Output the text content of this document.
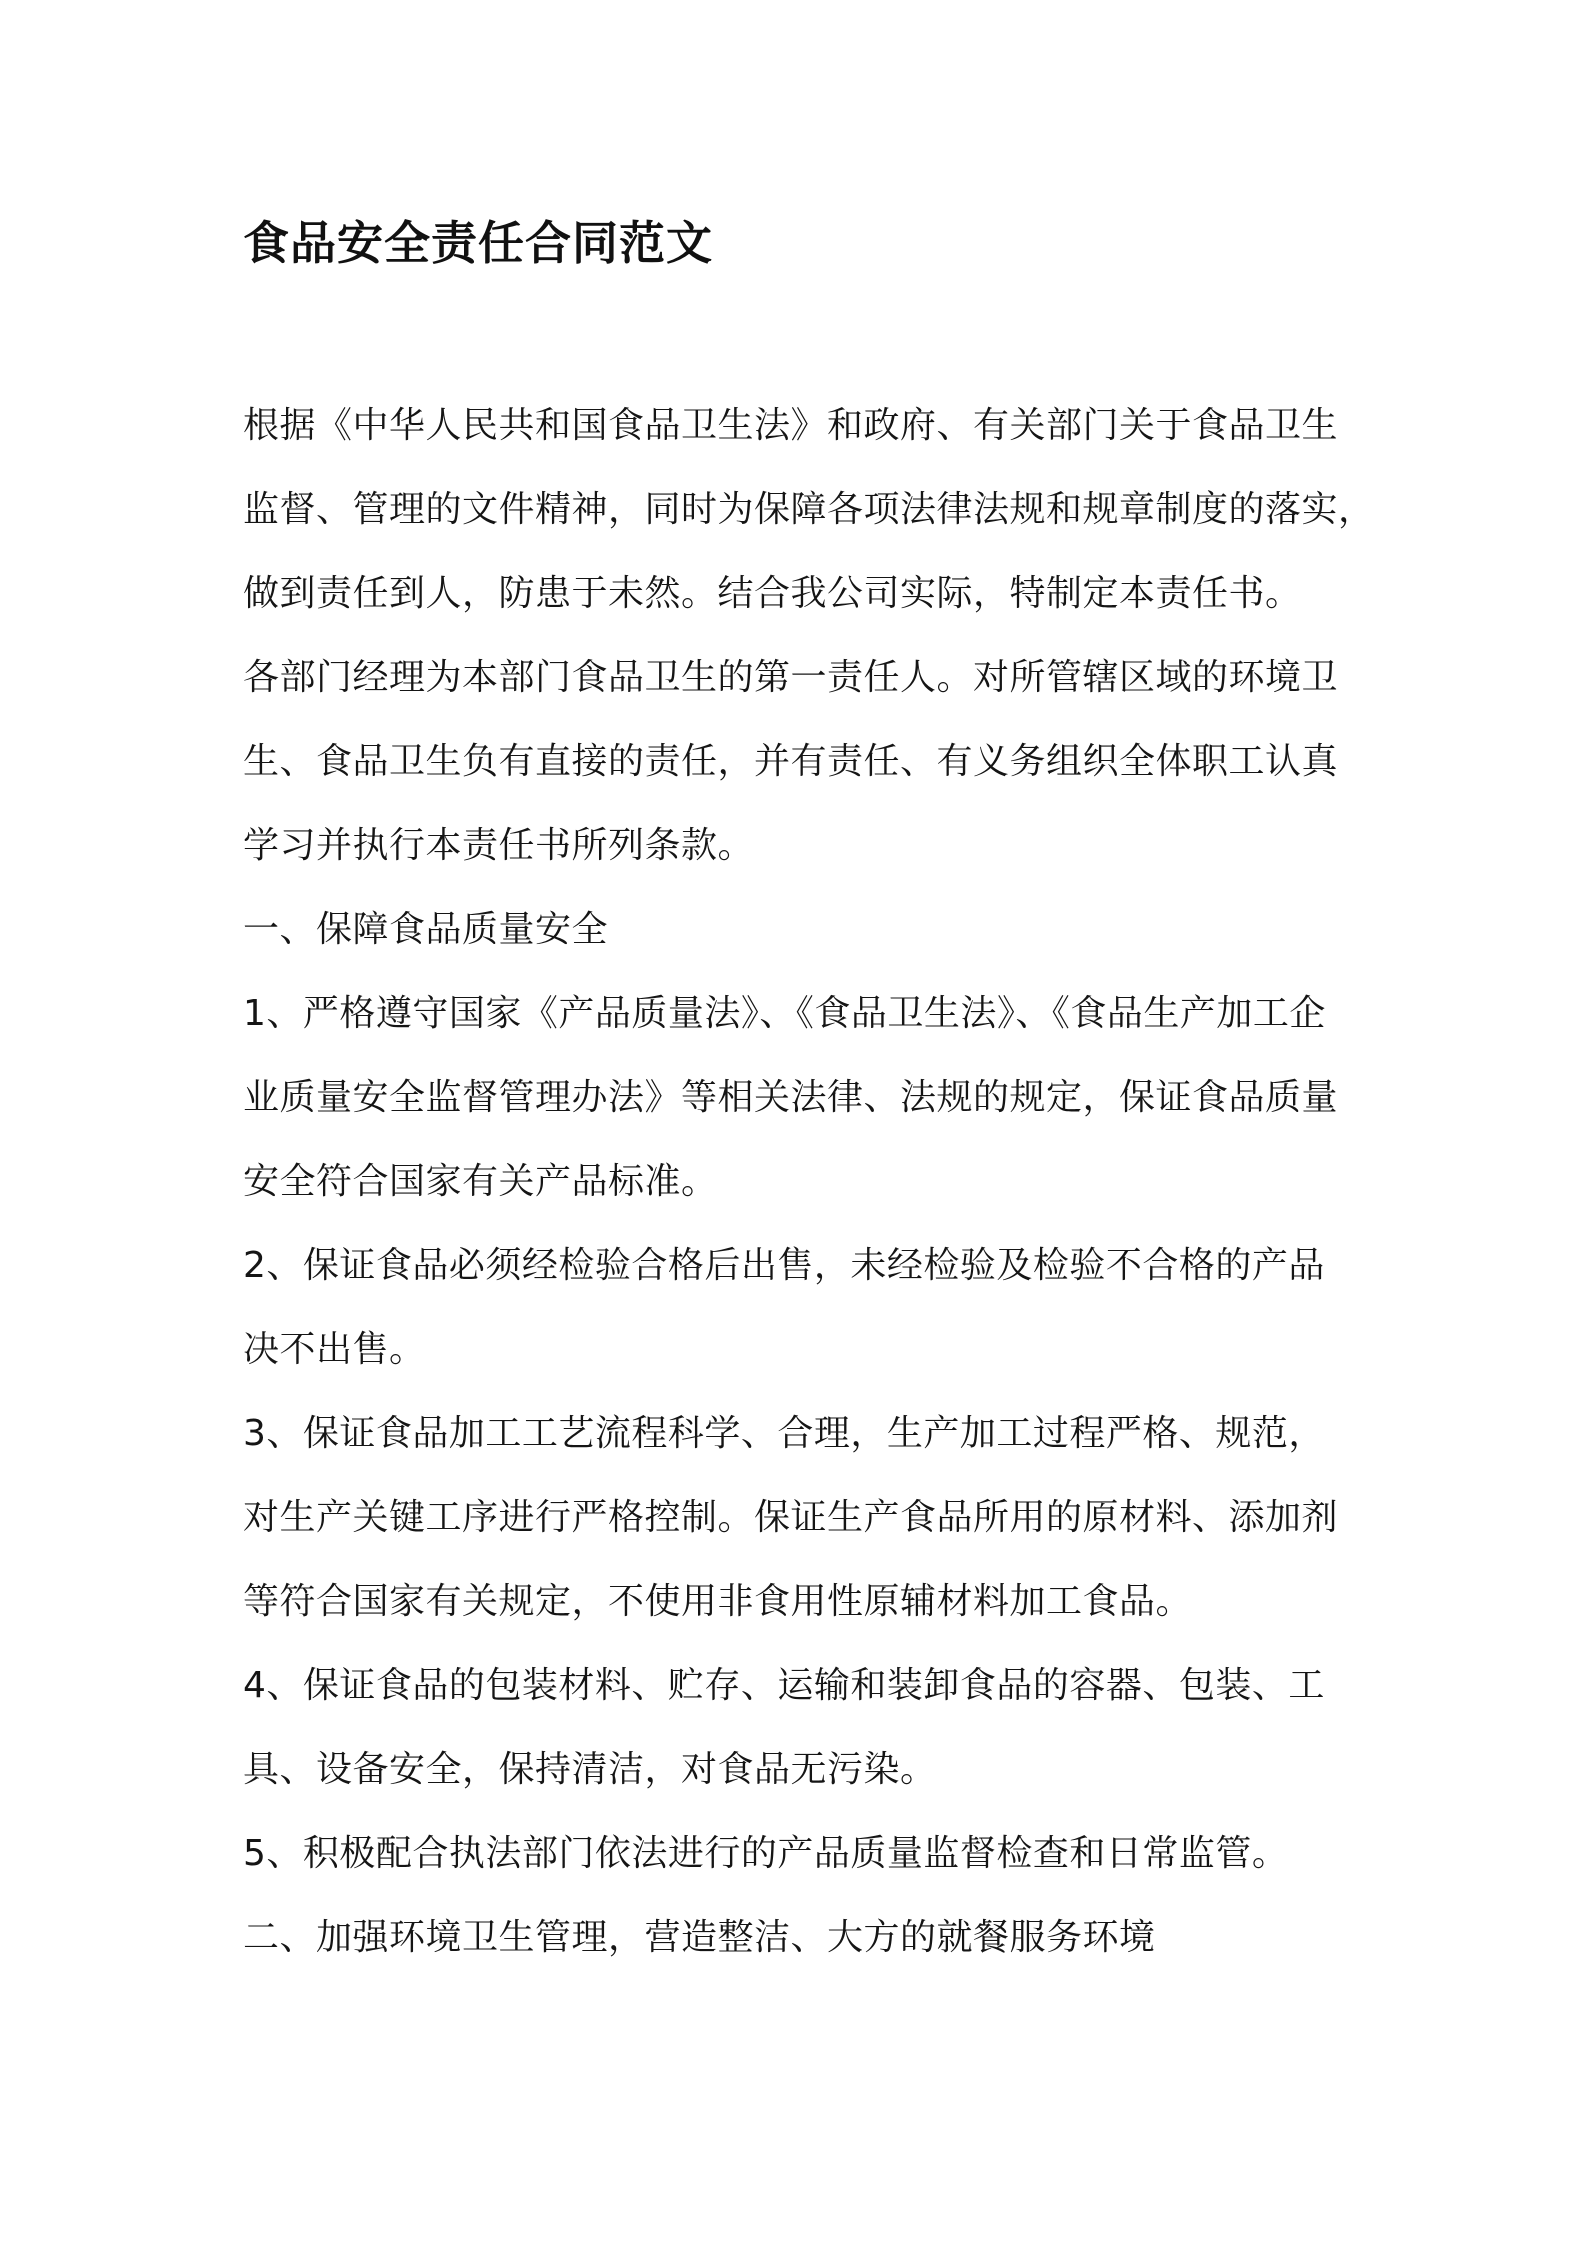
食品安全责任合同范文
根据《中华人民共和国食品卫生法》和政府、有关部门关于食品卫生
监督、管理的文件精神，同时为保障各项法律法规和规章制度的落实，
做到责任到人，防患于未然。结合我公司实际，特制定本责任书。
各部门经理为本部门食品卫生的第一责任人。对所管辖区域的环境卫
生、食品卫生负有直接的责任，并有责任、有义务组织全体职工认真
学习并执行本责任书所列条款。
一、保障食品质量安全
1、严格遵守国家《产品质量法》、《食品卫生法》、《食品生产加工企
业质量安全监督管理办法》等相关法律、法规的规定，保证食品质量
安全符合国家有关产品标准。
2、保证食品必须经检验合格后出售，未经检验及检验不合格的产品
决不出售。
3、保证食品加工工艺流程科学、合理，生产加工过程严格、规范，
对生产关键工序进行严格控制。保证生产食品所用的原材料、添加剂
等符合国家有关规定，不使用非食用性原辅材料加工食品。
4、保证食品的包装材料、贮存、运输和装卸食品的容器、包装、工
具、设备安全，保持清洁，对食品无污染。
5、积极配合执法部门依法进行的产品质量监督检查和日常监管。
二、加强环境卫生管理，营造整洁、大方的就餐服务环境
